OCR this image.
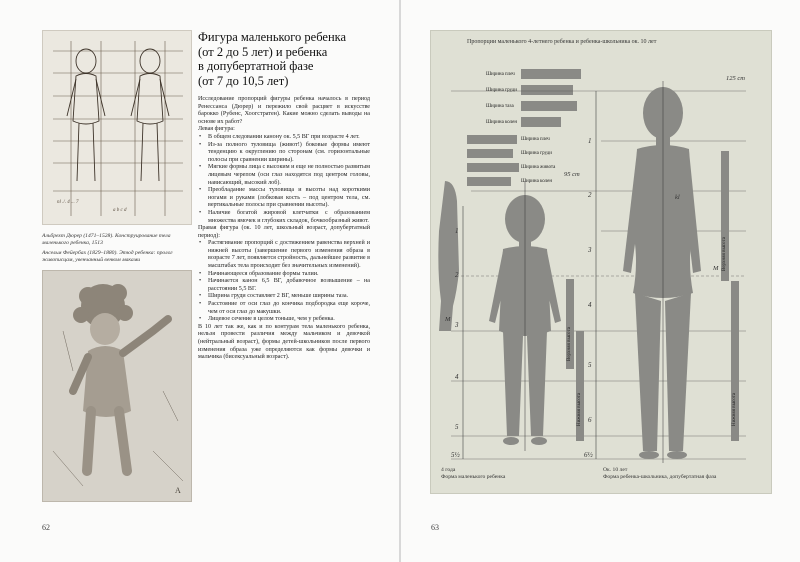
nl ./. 4 ... 7
a b c d
Альбрехт Дюрер (1471–1528). Конструирование тела маленького ребенка, 1513
Ансельм Фейербах (1829–1880). Этюд ребенка: пролог живописцам, увенчанный венком маками
A
Фигура маленького ребенка
(от 2 до 5 лет) и ребенка
в допубертатной фазе
(от 7 до 10,5 лет)

Исследование пропорций фигуры ребенка началось в период Ренессанса (Дюрер) и пережило свой расцвет в искусстве барокко (Рубенс, Хоогстратен). Какие можно сделать выводы на основе их работ?

Левая фигура:

• В общем следовании канону ок. 5,5 ВГ при возрасте 4 лет.
• Из-за полного туловища (живот!) боковые формы имеют тенденцию к округлению по сторонам (см. горизонтальные полосы при сравнении ширины).
• Мягкие формы лица с высоким и еще не полностью развитым лицевым черепом (оси глаз находятся под центром головы, нависающий, высокий лоб).
• Преобладание массы туловища и высоты над короткими ногами и руками (лобковая кость – под центром тела, см. вертикальные полосы при сравнении высоты).
• Наличие богатой жировой клетчатки с образованием множества ямочек и глубоких складок, бочкообразный живот.

Правая фигура (ок. 10 лет, школьный возраст, допубертатный период):

• Растягивание пропорций с достижением равенства верхней и нижней высоты (завершение первого изменения образа в возрасте 7 лет, появляется стройность, дальнейшее развитие в масштабах тела происходит без значительных изменений).
• Начинающееся образование формы талии.
• Начинается канон 6,5 ВГ, добавочное возвышение – на расстоянии 5,5 ВГ.
• Ширина груди составляет 2 ВГ, меньше ширины таза.
• Расстояние от оси глаз до кончика подбородка еще короче, чем от оси глаз до макушки.
• Лицевое сечение в целом тоньше, чем у ребенка.

В 10 лет так же, как и по контурам тела маленького ребенка, нельзя провести различия между мальчиком и девочкой (нейтральный возраст), формы детей-школьников после первого изменения образа уже определяются как формы девочки и мальчика (бисексуальный возраст).

62	63
Пропорции маленького 4-летнего ребенка и ребенка-школьника ок. 10 лет
125 cm
95 cm
M
M
kl
Ширина плеч
Ширина груди
Ширина таза
Ширина колен
Ширина плеч
Ширина груди
Ширина живота
Ширина колен
Верхняя высота
Нижняя высота
Верхняя высота
Нижняя высота
1
2
3
4
5
5½
1
2
3
4
5
6
6½
4 года
Форма маленького ребенка
Ок. 10 лет
Форма ребенка-школьника, допубертатная фаза
